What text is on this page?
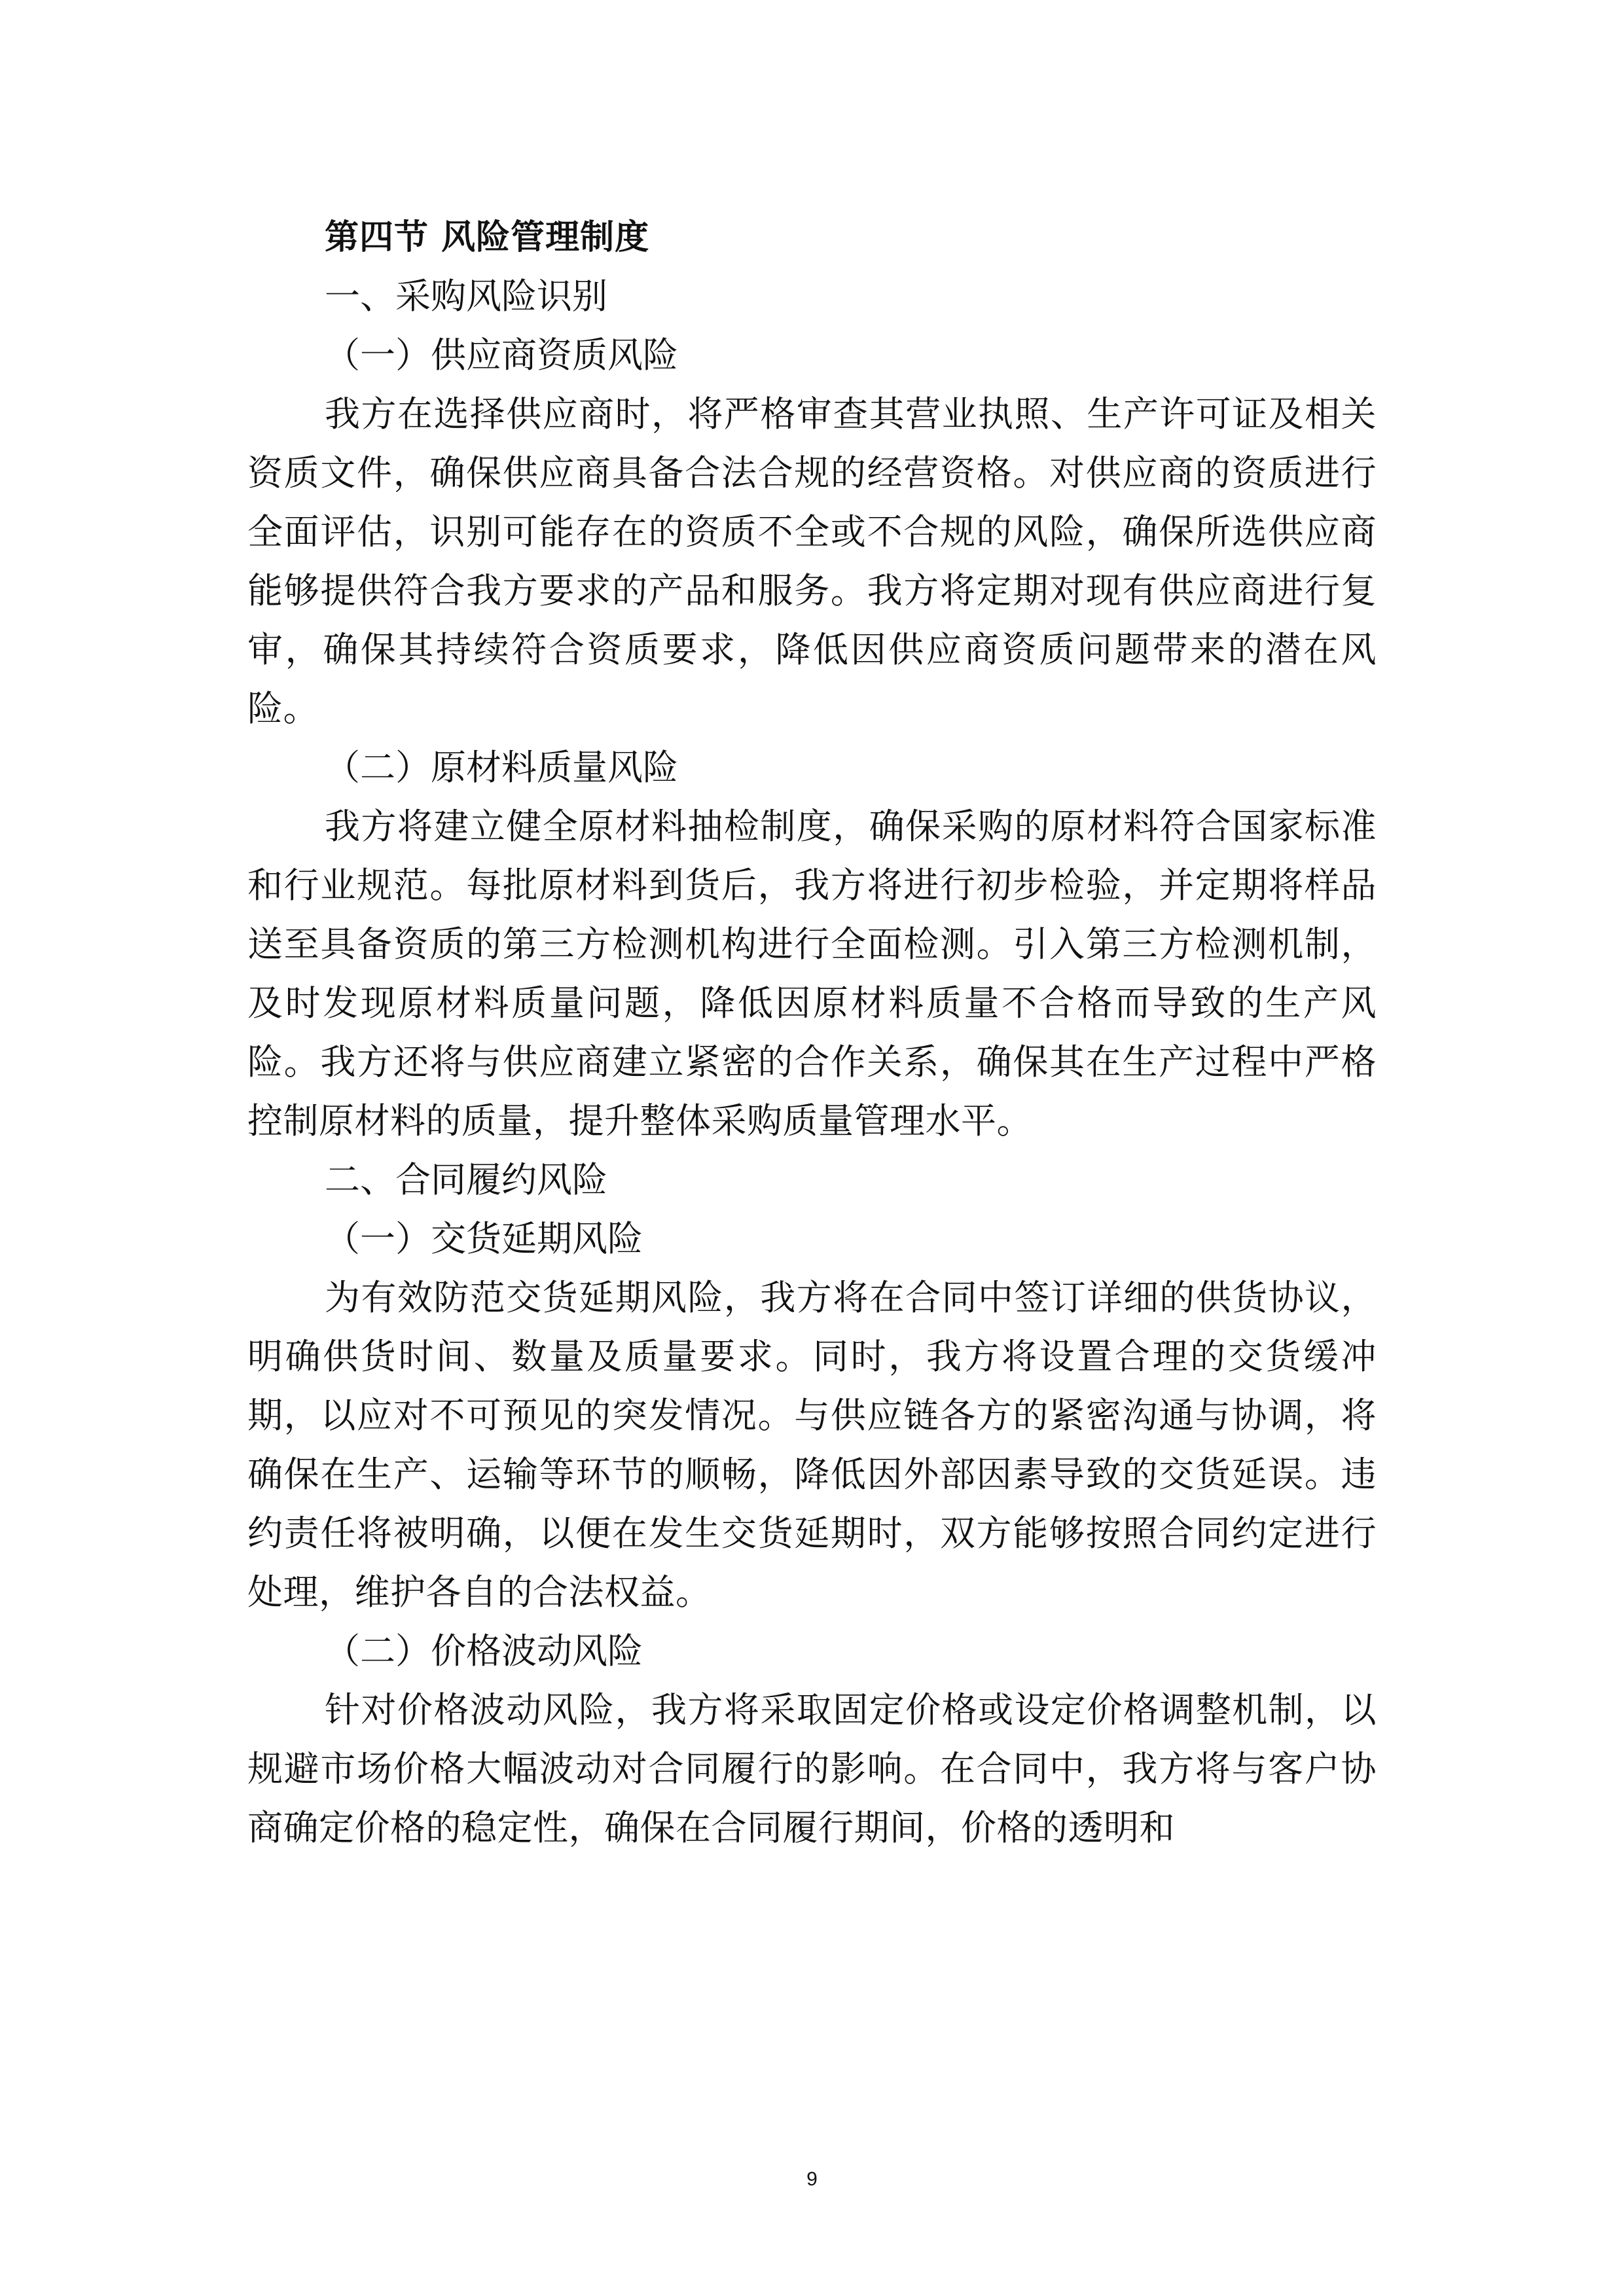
第四节 风险管理制度
一、采购风险识别
（一）供应商资质风险

我方在选择供应商时，将严格审查其营业执照、生产许可证及相关资质文件，确保供应商具备合法合规的经营资格。对供应商的资质进行全面评估，识别可能存在的资质不全或不合规的风险，确保所选供应商能够提供符合我方要求的产品和服务。我方将定期对现有供应商进行复审，确保其持续符合资质要求，降低因供应商资质问题带来的潜在风险。

（二）原材料质量风险

我方将建立健全原材料抽检制度，确保采购的原材料符合国家标准和行业规范。每批原材料到货后，我方将进行初步检验，并定期将样品送至具备资质的第三方检测机构进行全面检测。引入第三方检测机制，及时发现原材料质量问题，降低因原材料质量不合格而导致的生产风险。我方还将与供应商建立紧密的合作关系，确保其在生产过程中严格控制原材料的质量，提升整体采购质量管理水平。

二、合同履约风险
（一）交货延期风险

为有效防范交货延期风险，我方将在合同中签订详细的供货协议，明确供货时间、数量及质量要求。同时，我方将设置合理的交货缓冲期，以应对不可预见的突发情况。与供应链各方的紧密沟通与协调，将确保在生产、运输等环节的顺畅，降低因外部因素导致的交货延误。违约责任将被明确，以便在发生交货延期时，双方能够按照合同约定进行处理，维护各自的合法权益。

（二）价格波动风险

针对价格波动风险，我方将采取固定价格或设定价格调整机制，以规避市场价格大幅波动对合同履行的影响。在合同中，我方将与客户协商确定价格的稳定性，确保在合同履行期间，价格的透明和

9
